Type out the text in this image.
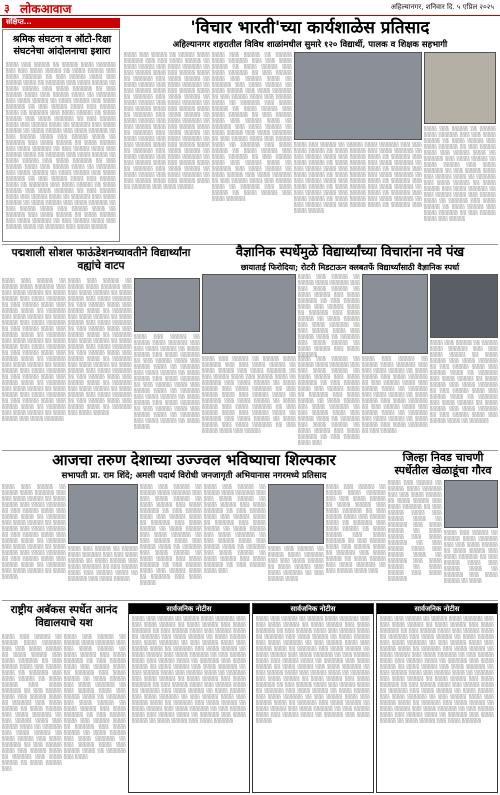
३ लोकआवाज	अहिल्यानगर, शनिवार दि. ५ एप्रिल २०२५
संक्षिप्त...
श्रमिक संघटना व ऑटो-रिक्षा संघटनेचा आंदोलनाचा इशारा
░░░░ ░░░ ░░░░░ ░░ ░░░░░ ░░░░ ░░░░░░ ░░░ ░░░ ░░░░ ░░░░░ ░░ ░░░░ ░░░░░ ░░░ ░░░░ ░░░░░░ ░░ ░░░ ░░░░░ ░░░░ ░░░ ░░░░░ ░░░░ ░░ ░░░░░░ ░░░ ░░░░ ░░░░░ ░░ ░░░░ ░░░░░ ░░░ ░░░░ ░░░░░░ ░░ ░░░ ░░░░░ ░░░░ ░░░ ░░░░░ ░░░░ ░░ ░░░░░░ ░░░ ░░░░ ░░░░░ ░░ ░░░░ ░░░░░ ░░░ ░░░░ ░░░░░░ ░░ ░░░ ░░░░░ ░░░░ ░░░ ░░░░░ ░░░░ ░░ ░░░░░░ ░░░ ░░░░ ░░░░░ ░░ ░░░░ ░░░░░ ░░░ ░░░░ ░░░░░░ ░░ ░░░ ░░░░░ ░░░░ ░░░ ░░░░░ ░░░░ ░░ ░░░░░░ ░░░ ░░░░ ░░░░░ ░░ ░░░░ ░░░░░ ░░░ ░░░░ ░░░░░░ ░░ ░░░ ░░░░░ ░░░░ ░░░ ░░░░░ ░░░░ ░░ ░░░░░░ ░░░ ░░░░ ░░░░░ ░░ ░░░░ ░░░░░ ░░░ ░░░░ ░░░░░░ ░░ ░░░ ░░░░░ ░░░░ ░░░ ░░░░░ ░░░░ ░░ ░░░░░░ ░░░ ░░░░ ░░░░░ ░░ ░░░░ ░░░░░ ░░░ ░░░░ ░░░░░░ ░░ ░░░ ░░░░░ ░░░░ ░░░ ░░░░░ ░░░░ ░░ ░░░░░░ ░░░ ░░░░ ░░░░░ ░░ ░░░░ ░░░░░ ░░░ ░░░░ ░░░░░░ ░░ ░░░ ░░░░░ ░░░░ ░░░ ░░░░░ ░░░░ ░░ ░░░░░░ ░░░ ░░░░ ░░░░░ ░░ ░░░░ ░░░░░ ░░░ ░░░░ ░░░░░░ ░░ ░░░ ░░░░░ ░░░░ ░░░ ░░░░░ ░░░░ ░░ ░░░░░░ ░░░ ░░░░ ░░░░░ ░░ ░░░░ ░░░░░ ░░░ ░░░░ ░░░░░░ ░░ ░░░ ░░░░░ ░░░░ ░░░ ░░░░░ ░░░░ ░░ ░░░░░░ ░░░ ░░░░ ░░░░░ ░░ ░░░░ ░░░░░ ░░░ ░░░░ ░░░░░░ ░░ ░░░ ░░░░░ ░░░░ ░░░ ░░░░░ ░░░░ ░░ ░░░░░░ ░░░ ░░░░ ░░░░░
'विचार भारती'च्या कार्यशाळेस प्रतिसाद
अहिल्यानगर शहरातील विविध शाळांमधील सुमारे १२० विद्यार्थी, पालक व शिक्षक सहभागी
░░░░ ░░░ ░░░░░ ░░ ░░░░░ ░░░░ ░░░░░░ ░░░ ░░░ ░░░░ ░░░░░ ░░ ░░░░ ░░░░░ ░░░ ░░░░ ░░░░░░ ░░ ░░░ ░░░░░ ░░░░ ░░░ ░░░░░ ░░░░ ░░ ░░░░░░ ░░░ ░░░░ ░░░░░ ░░ ░░░░ ░░░░░ ░░░ ░░░░ ░░░░░░ ░░ ░░░ ░░░░░ ░░░░ ░░░ ░░░░░ ░░░░ ░░ ░░░░░░ ░░░ ░░░░ ░░░░░ ░░ ░░░░ ░░░░░ ░░░ ░░░░ ░░░░░░ ░░ ░░░ ░░░░░ ░░░░ ░░░ ░░░░░ ░░░░ ░░ ░░░░░░ ░░░ ░░░░ ░░░░░ ░░ ░░░░ ░░░░░ ░░░ ░░░░ ░░░░░░ ░░ ░░░ ░░░░░ ░░░░ ░░░ ░░░░░ ░░░░ ░░ ░░░░░░ ░░░ ░░░░ ░░░░░ ░░ ░░░░ ░░░░░ ░░░ ░░░░ ░░░░░░ ░░ ░░░ ░░░░░ ░░░░ ░░░ ░░░░░ ░░░░ ░░ ░░░░░░ ░░░ ░░░░ ░░░░░ ░░ ░░░░ ░░░░░ ░░░ ░░░░ ░░░░░░ ░░ ░░░ ░░░░░ ░░░░ ░░░ ░░░░░ ░░░░ ░░ ░░░░░░ ░░░ ░░░░ ░░░░░ ░░ ░░░░ ░░░░░ ░░░ ░░░░ ░░░░░░ ░░ ░░░ ░░░░░ ░░░░ ░░░ ░░░░░ ░░░░ ░░ ░░░░░░ ░░░ ░░░░ ░░░░░
░░░░ ░░░ ░░░░░ ░░ ░░░░░ ░░░░ ░░░░░░ ░░░ ░░░ ░░░░ ░░░░░ ░░ ░░░░ ░░░░░ ░░░ ░░░░ ░░░░░░ ░░ ░░░ ░░░░░ ░░░░ ░░░ ░░░░░ ░░░░ ░░ ░░░░░░ ░░░ ░░░░ ░░░░░ ░░ ░░░░ ░░░░░ ░░░ ░░░░ ░░░░░░ ░░ ░░░ ░░░░░ ░░░░ ░░░ ░░░░░ ░░░░ ░░ ░░░░░░ ░░░ ░░░░ ░░░░░ ░░ ░░░░ ░░░░░ ░░░ ░░░░ ░░░░░░ ░░ ░░░ ░░░░░ ░░░░ ░░░ ░░░░░ ░░░░ ░░ ░░░░░░ ░░░ ░░░░ ░░░░░ ░░ ░░░░ ░░░░░ ░░░ ░░░░ ░░░░░░ ░░ ░░░ ░░░░░ ░░░░ ░░░ ░░░░░ ░░░░ ░░ ░░░░░░ ░░░ ░░░░ ░░░░░ ░░ ░░░░ ░░░░░ ░░░ ░░░░ ░░░░░░ ░░ ░░░ ░░░░░ ░░░░ ░░░ ░░░░░ ░░░░ ░░ ░░░░░░ ░░░ ░░░░ ░░░░░ ░░ ░░░░ ░░░░░ ░░░ ░░░░ ░░░░░░ ░░ ░░░ ░░░░░ ░░░░ ░░░ ░░░░░ ░░░░ ░░ ░░░░░░ ░░░ ░░░░ ░░░░░ ░░ ░░░░ ░░░░░ ░░░ ░░░░ ░░░░░░
░░░░ ░░░ ░░░░░ ░░ ░░░░░ ░░░░ ░░░░░░ ░░░ ░░░ ░░░░ ░░░░░ ░░ ░░░░ ░░░░░ ░░░ ░░░░ ░░░░░░ ░░ ░░░ ░░░░░ ░░░░ ░░░ ░░░░░ ░░░░ ░░ ░░░░░░ ░░░ ░░░░ ░░░░░ ░░ ░░░░ ░░░░░ ░░░ ░░░░ ░░░░░░ ░░ ░░░ ░░░░░ ░░░░ ░░░ ░░░░░ ░░░░ ░░ ░░░░░░ ░░░ ░░░░ ░░░░░ ░░ ░░░░ ░░░░░ ░░░ ░░░░ ░░░░░░ ░░ ░░░ ░░░░░ ░░░░ ░░░ ░░░░░ ░░░░ ░░ ░░░░░░ ░░░ ░░░░ ░░░░░ ░░ ░░░░ ░░░░░ ░░░ ░░░░ ░░░░░░ ░░ ░░░ ░░░░░ ░░░░ ░░░ ░░░░░ ░░░░ ░░ ░░░░░░ ░░░ ░░░░ ░░░░░ ░░ ░░░░ ░░░░░ ░░░ ░░░░ ░░░░░░ ░░ ░░░ ░░░░░ ░░░░ ░░░ ░░░░░ ░░░░ ░░ ░░░░░░ ░░░ ░░░░ ░░░░░
░░░░ ░░░ ░░░░░ ░░ ░░░░░ ░░░░ ░░░░░░ ░░░ ░░░ ░░░░ ░░░░░ ░░ ░░░░ ░░░░░ ░░░ ░░░░ ░░░░░░ ░░ ░░░ ░░░░░ ░░░░ ░░░ ░░░░░ ░░░░ ░░ ░░░░░░ ░░░ ░░░░ ░░░░░ ░░ ░░░░ ░░░░░ ░░░ ░░░░ ░░░░░░ ░░ ░░░ ░░░░░ ░░░░ ░░░ ░░░░░ ░░░░ ░░ ░░░░░░ ░░░ ░░░░ ░░░░░ ░░ ░░░░ ░░░░░ ░░░ ░░░░ ░░░░░░ ░░ ░░░ ░░░░░ ░░░░ ░░░ ░░░░░ ░░░░ ░░ ░░░░░░ ░░░ ░░░░ ░░░░░ ░░ ░░░░ ░░░░░ ░░░ ░░░░ ░░░░░░ ░░ ░░░ ░░░░░ ░░░░ ░░░ ░░░░░
पद्मशाली सोशल फाऊंडेशनच्यावतीने विद्यार्थ्यांना वह्यांचे वाटप
░░░░ ░░░ ░░░░░ ░░ ░░░░░ ░░░░ ░░░░░░ ░░░ ░░░ ░░░░ ░░░░░ ░░ ░░░░ ░░░░░ ░░░ ░░░░ ░░░░░░ ░░ ░░░ ░░░░░ ░░░░ ░░░ ░░░░░ ░░░░ ░░ ░░░░░░ ░░░ ░░░░ ░░░░░ ░░ ░░░░ ░░░░░ ░░░ ░░░░ ░░░░░░ ░░ ░░░ ░░░░░ ░░░░ ░░░ ░░░░░ ░░░░ ░░ ░░░░░░ ░░░ ░░░░ ░░░░░ ░░ ░░░░ ░░░░░ ░░░ ░░░░ ░░░░░░ ░░ ░░░ ░░░░░ ░░░░ ░░░ ░░░░░ ░░░░ ░░ ░░░░░░ ░░░ ░░░░ ░░░░░ ░░ ░░░░ ░░░░░ ░░░ ░░░░ ░░░░░░ ░░ ░░░ ░░░░░ ░░░░ ░░░ ░░░░░ ░░░░ ░░ ░░░░░░ ░░░ ░░░░ ░░░░░ ░░ ░░░░ ░░░░░ ░░░ ░░░░ ░░░░░░ ░░ ░░░ ░░░░░ ░░░░ ░░░ ░░░░░ ░░░░ ░░ ░░░░░░ ░░░ ░░░░ ░░░░░ ░░ ░░░░ ░░░░░ ░░░ ░░░░ ░░░░░░
░░░░ ░░░ ░░░░░ ░░ ░░░░░ ░░░░ ░░░░░░ ░░░ ░░░ ░░░░ ░░░░░ ░░ ░░░░ ░░░░░ ░░░ ░░░░ ░░░░░░ ░░ ░░░ ░░░░░ ░░░░ ░░░ ░░░░░ ░░░░ ░░ ░░░░░░ ░░░ ░░░░ ░░░░░ ░░ ░░░░ ░░░░░ ░░░ ░░░░ ░░░░░░ ░░ ░░░ ░░░░░ ░░░░ ░░░ ░░░░░ ░░░░ ░░ ░░░░░░ ░░░ ░░░░ ░░░░░ ░░ ░░░░ ░░░░░ ░░░ ░░░░ ░░░░░░ ░░ ░░░ ░░░░░ ░░░░ ░░░ ░░░░░ ░░░░ ░░ ░░░░░░ ░░░ ░░░░ ░░░░░ ░░ ░░░░ ░░░░░ ░░░ ░░░░ ░░░░░░ ░░ ░░░ ░░░░░ ░░░░ ░░░ ░░░░░ ░░░░ ░░ ░░░░░░ ░░░ ░░░░ ░░░░░ ░░ ░░░░ ░░░░░ ░░░ ░░░░ ░░░░░░ ░░ ░░░ ░░░░░ ░░░░ ░░░ ░░░░░ ░░░░ ░░ ░░░░░░ ░░░ ░░░░ ░░░░░
░░░░ ░░░ ░░░░░ ░░ ░░░░░ ░░░░ ░░░░░░ ░░░ ░░░ ░░░░ ░░░░░ ░░ ░░░░ ░░░░░ ░░░ ░░░░ ░░░░░░ ░░ ░░░ ░░░░░ ░░░░ ░░░ ░░░░░ ░░░░ ░░ ░░░░░░ ░░░ ░░░░ ░░░░░ ░░ ░░░░ ░░░░░ ░░░ ░░░░ ░░░░░░ ░░ ░░░ ░░░░░ ░░░░ ░░░ ░░░░░ ░░░░ ░░ ░░░░░░ ░░░ ░░░░ ░░░░░ ░░ ░░░░ ░░░░░ ░░░ ░░░░ ░░░░░░ ░░ ░░░ ░░░░░ ░░░░ ░░░ ░░░░░ ░░░░ ░░ ░░░░░░ ░░░ ░░░░ ░░░░░ ░░ ░░░░ ░░░░░
वैज्ञानिक स्पर्धेमुळे विद्यार्थ्यांच्या विचारांना नवे पंख
छायाताई फिरोदिया; रोटरी मिडटाऊन क्लबतर्फे विद्यार्थ्यांसाठी वैज्ञानिक स्पर्धा
░░░░ ░░░ ░░░░░ ░░ ░░░░░ ░░░░ ░░░░░░ ░░░ ░░░ ░░░░ ░░░░░ ░░ ░░░░ ░░░░░ ░░░ ░░░░ ░░░░░░ ░░ ░░░ ░░░░░ ░░░░ ░░░ ░░░░░ ░░░░ ░░ ░░░░░░ ░░░ ░░░░ ░░░░░ ░░ ░░░░ ░░░░░ ░░░ ░░░░ ░░░░░░ ░░ ░░░ ░░░░░ ░░░░ ░░░ ░░░░░ ░░░░ ░░ ░░░░░░ ░░░ ░░░░ ░░░░░ ░░ ░░░░ ░░░░░ ░░░ ░░░░ ░░░░░░
░░░░ ░░░ ░░░░░ ░░ ░░░░░ ░░░░ ░░░░░░ ░░░ ░░░ ░░░░ ░░░░░ ░░ ░░░░ ░░░░░ ░░░ ░░░░ ░░░░░░ ░░ ░░░ ░░░░░ ░░░░ ░░░ ░░░░░ ░░░░ ░░ ░░░░░░ ░░░ ░░░░ ░░░░░ ░░ ░░░░ ░░░░░ ░░░ ░░░░ ░░░░░░ ░░ ░░░ ░░░░░ ░░░░ ░░░ ░░░░░ ░░░░ ░░ ░░░░░░ ░░░ ░░░░ ░░░░░ ░░ ░░░░ ░░░░░ ░░░ ░░░░ ░░░░░░ ░░ ░░░ ░░░░░ ░░░░ ░░░ ░░░░░ ░░░░ ░░ ░░░░░░ ░░░ ░░░░ ░░░░░ ░░ ░░░░ ░░░░░ ░░░ ░░░░ ░░░░░░ ░░ ░░░ ░░░░░ ░░░░ ░░░ ░░░░░
░░░░ ░░░ ░░░░░ ░░ ░░░░░ ░░░░ ░░░░░░ ░░░ ░░░ ░░░░ ░░░░░ ░░ ░░░░ ░░░░░ ░░░ ░░░░ ░░░░░░ ░░ ░░░ ░░░░░ ░░░░ ░░░ ░░░░░ ░░░░ ░░ ░░░░░░ ░░░ ░░░░ ░░░░░ ░░ ░░░░ ░░░░░ ░░░ ░░░░ ░░░░░░ ░░ ░░░ ░░░░░ ░░░░ ░░░ ░░░░░ ░░░░ ░░ ░░░░░░ ░░░ ░░░░ ░░░░░ ░░ ░░░░ ░░░░░ ░░░ ░░░░ ░░░░░░ ░░ ░░░ ░░░░░ ░░░░ ░░░
░░░░ ░░░ ░░░░░ ░░ ░░░░░ ░░░░ ░░░░░░ ░░░ ░░░ ░░░░ ░░░░░ ░░ ░░░░ ░░░░░ ░░░ ░░░░ ░░░░░░ ░░ ░░░ ░░░░░ ░░░░ ░░░ ░░░░░ ░░░░ ░░ ░░░░░░ ░░░ ░░░░ ░░░░░ ░░ ░░░░ ░░░░░ ░░░ ░░░░ ░░░░░░ ░░ ░░░ ░░░░░ ░░░░ ░░░ ░░░░░ ░░░░ ░░ ░░░░░░ ░░░ ░░░░ ░░░░░ ░░ ░░░░ ░░░░░ ░░░ ░░░░ ░░░░░░ ░░ ░░░ ░░░░░
░░░░ ░░░ ░░░░░ ░░ ░░░░░ ░░░░ ░░░░░░ ░░░ ░░░ ░░░░ ░░░░░ ░░ ░░░░ ░░░░░ ░░░ ░░░░ ░░░░░░ ░░ ░░░ ░░░░░ ░░░░ ░░░ ░░░░░ ░░░░ ░░ ░░░░░░ ░░░ ░░░░ ░░░░░ ░░ ░░░░ ░░░░░ ░░░ ░░░░ ░░░░░░ ░░ ░░░ ░░░░░ ░░░░ ░░░ ░░░░░ ░░░░ ░░ ░░░░░░ ░░░ ░░░░ ░░░░░ ░░ ░░░░ ░░░░░ ░░░ ░░░░ ░░░░░░ ░░ ░░░ ░░░░░ ░░░░ ░░░ ░░░░░ ░░░░ ░░ ░░░░░░
आजचा तरुण देशाच्या उज्ज्वल भविष्याचा शिल्पकार
सभापती प्रा. राम शिंदे; अमली पदार्थ विरोधी जनजागृती अभियानास नगरमध्ये प्रतिसाद
░░░░ ░░░ ░░░░░ ░░ ░░░░░ ░░░░ ░░░░░░ ░░░ ░░░ ░░░░ ░░░░░ ░░ ░░░░ ░░░░░ ░░░ ░░░░ ░░░░░░ ░░ ░░░ ░░░░░ ░░░░ ░░░ ░░░░░ ░░░░ ░░ ░░░░░░ ░░░ ░░░░ ░░░░░ ░░ ░░░░ ░░░░░ ░░░ ░░░░ ░░░░░░ ░░ ░░░ ░░░░░ ░░░░ ░░░ ░░░░░ ░░░░ ░░ ░░░░░░ ░░░ ░░░░ ░░░░░ ░░ ░░░░ ░░░░░ ░░░ ░░░░ ░░░░░░ ░░ ░░░ ░░░░░ ░░░░ ░░░ ░░░░░ ░░░░ ░░ ░░░░░░ ░░░ ░░░░ ░░░░░ ░░ ░░░░ ░░░░░
░░░░ ░░░ ░░░░░ ░░ ░░░░░ ░░░░ ░░░░░░ ░░░ ░░░ ░░░░ ░░░░░ ░░ ░░░░ ░░░░░ ░░░ ░░░░ ░░░░░░ ░░ ░░░ ░░░░░ ░░░░ ░░░ ░░░░░ ░░░░ ░░ ░░░░░░ ░░░ ░░░░ ░░░░░
░░░░ ░░░ ░░░░░ ░░ ░░░░░ ░░░░ ░░░░░░ ░░░ ░░░ ░░░░ ░░░░░ ░░ ░░░░ ░░░░░ ░░░ ░░░░ ░░░░░░ ░░ ░░░ ░░░░░ ░░░░ ░░░ ░░░░░ ░░░░ ░░ ░░░░░░ ░░░ ░░░░ ░░░░░ ░░ ░░░░ ░░░░░ ░░░ ░░░░ ░░░░░░ ░░ ░░░ ░░░░░ ░░░░ ░░░ ░░░░░ ░░░░ ░░ ░░░░░░ ░░░ ░░░░ ░░░░░ ░░ ░░░░ ░░░░░ ░░░ ░░░░ ░░░░░░ ░░ ░░░ ░░░░░ ░░░░ ░░░ ░░░░░ ░░░░ ░░ ░░░░░░ ░░░ ░░░░ ░░░░░
░░░░ ░░░ ░░░░░ ░░ ░░░░░ ░░░░ ░░░░░░ ░░░ ░░░ ░░░░ ░░░░░ ░░ ░░░░ ░░░░░ ░░░ ░░░░ ░░░░░░ ░░ ░░░ ░░░░░ ░░░░ ░░░ ░░░░░ ░░░░ ░░ ░░░░░░ ░░░ ░░░░ ░░░░░ ░░ ░░░░ ░░░░░ ░░░ ░░░░ ░░░░░░ ░░ ░░░ ░░░░░ ░░░░ ░░░ ░░░░░ ░░░░ ░░ ░░░░░░ ░░░ ░░░░ ░░░░░ ░░ ░░░░ ░░░░░ ░░░ ░░░░ ░░░░░░ ░░ ░░░ ░░░░░ ░░░░ ░░░
░░░░ ░░░ ░░░░░ ░░ ░░░░░ ░░░░ ░░░░░░ ░░░ ░░░ ░░░░ ░░░░░ ░░ ░░░░ ░░░░░ ░░░ ░░░░ ░░░░░░ ░░ ░░░ ░░░░░ ░░░░ ░░░ ░░░░░ ░░░░ ░░ ░░░░░░ ░░░ ░░░░ ░░░░░ ░░ ░░░░ ░░░░░ ░░░ ░░░░ ░░░░░░ ░░ ░░░ ░░░░░ ░░░░ ░░░ ░░░░░ ░░░░ ░░ ░░░░░░ ░░░ ░░░░ ░░░░░ ░░ ░░░░ ░░░░░ ░░░ ░░░░ ░░░░░░ ░░ ░░░ ░░░░░ ░░░░ ░░░
░░░░ ░░░ ░░░░░ ░░ ░░░░░ ░░░░ ░░░░░░ ░░░ ░░░ ░░░░ ░░░░░ ░░ ░░░░ ░░░░░ ░░░ ░░░░ ░░░░░░ ░░ ░░░ ░░░░░ ░░░░
जिल्हा निवड चाचणी स्पर्धेतील खेळाडूंचा गौरव
░░░░ ░░░ ░░░░░ ░░ ░░░░░ ░░░░ ░░░░░░ ░░░ ░░░ ░░░░ ░░░░░ ░░ ░░░░ ░░░░░ ░░░ ░░░░ ░░░░░░ ░░ ░░░ ░░░░░ ░░░░ ░░░ ░░░░░ ░░░░ ░░ ░░░░░░ ░░░ ░░░░ ░░░░░ ░░ ░░░░ ░░░░░ ░░░ ░░░░ ░░░░░░ ░░ ░░░ ░░░░░ ░░░░ ░░░ ░░░░░ ░░░░ ░░ ░░░░░░ ░░░ ░░░░ ░░░░░ ░░ ░░░░ ░░░░░ ░░░ ░░░░ ░░░░░░
░░░░ ░░░ ░░░░░ ░░ ░░░░░ ░░░░ ░░░░░░ ░░░ ░░░ ░░░░ ░░░░░ ░░ ░░░░ ░░░░░ ░░░ ░░░░ ░░░░░░ ░░ ░░░ ░░░░░ ░░░░ ░░░ ░░░░░ ░░░░ ░░ ░░░░░░ ░░░ ░░░░ ░░░░░ ░░ ░░░░
राष्ट्रीय अबॅकस स्पर्धेत आनंद विद्यालयाचे यश
░░░░ ░░░ ░░░░░ ░░ ░░░░░ ░░░░ ░░░░░░ ░░░ ░░░ ░░░░ ░░░░░ ░░ ░░░░ ░░░░░ ░░░ ░░░░ ░░░░░░ ░░ ░░░ ░░░░░ ░░░░ ░░░ ░░░░░ ░░░░ ░░ ░░░░░░ ░░░ ░░░░ ░░░░░ ░░ ░░░░ ░░░░░ ░░░ ░░░░ ░░░░░░ ░░ ░░░ ░░░░░ ░░░░ ░░░ ░░░░░ ░░░░ ░░ ░░░░░░ ░░░ ░░░░ ░░░░░ ░░ ░░░░ ░░░░░ ░░░ ░░░░ ░░░░░░ ░░ ░░░ ░░░░░ ░░░░ ░░░ ░░░░░ ░░░░ ░░ ░░░░░░ ░░░ ░░░░ ░░░░░ ░░ ░░░░ ░░░░░ ░░░ ░░░░ ░░░░░░ ░░ ░░░ ░░░░░ ░░░░ ░░░ ░░░░░ ░░░░ ░░ ░░░░░░ ░░░ ░░░░ ░░░░░ ░░ ░░░░ ░░░░░ ░░░
░░░░ ░░░ ░░░░░ ░░ ░░░░░ ░░░░ ░░░░░░ ░░░ ░░░ ░░░░ ░░░░░ ░░ ░░░░ ░░░░░ ░░░ ░░░░ ░░░░░░ ░░ ░░░ ░░░░░ ░░░░ ░░░ ░░░░░ ░░░░ ░░ ░░░░░░ ░░░ ░░░░ ░░░░░ ░░ ░░░░ ░░░░░ ░░░ ░░░░ ░░░░░░ ░░ ░░░ ░░░░░ ░░░░ ░░░ ░░░░░ ░░░░ ░░ ░░░░░░ ░░░ ░░░░ ░░░░░ ░░ ░░░░ ░░░░░ ░░░ ░░░░ ░░░░░░ ░░ ░░░ ░░░░░ ░░░░ ░░░ ░░░░░ ░░░░ ░░ ░░░░░░ ░░░ ░░░░ ░░░░░ ░░ ░░░░ ░░░░░ ░░░ ░░░░ ░░░░░░ ░░ ░░░ ░░░░░ ░░░░ ░░░ ░░░░░ ░░░░ ░░ ░░░░░░ ░░░ ░░░░
सार्वजनिक नोटीस
░░░░ ░░░ ░░░░░ ░░ ░░░░░ ░░░░ ░░░░░░ ░░░ ░░░ ░░░░ ░░░░░ ░░ ░░░░ ░░░░░ ░░░ ░░░░ ░░░░░░ ░░ ░░░ ░░░░░ ░░░░ ░░░ ░░░░░ ░░░░ ░░ ░░░░░░ ░░░ ░░░░ ░░░░░ ░░ ░░░░ ░░░░░ ░░░ ░░░░ ░░░░░░ ░░ ░░░ ░░░░░ ░░░░ ░░░ ░░░░░ ░░░░ ░░ ░░░░░░ ░░░ ░░░░ ░░░░░ ░░ ░░░░ ░░░░░ ░░░ ░░░░ ░░░░░░ ░░ ░░░ ░░░░░ ░░░░ ░░░ ░░░░░ ░░░░ ░░ ░░░░░░ ░░░ ░░░░ ░░░░░ ░░ ░░░░ ░░░░░ ░░░ ░░░░ ░░░░░░ ░░ ░░░ ░░░░░ ░░░░ ░░░ ░░░░░ ░░░░ ░░ ░░░░░░ ░░░ ░░░░ ░░░░░ ░░ ░░░░ ░░░░░ ░░░ ░░░░ ░░░░░░ ░░ ░░░ ░░░░░ ░░░░ ░░░ ░░░░░ ░░░░ ░░ ░░░░░░ ░░░ ░░░░ ░░░░░ ░░ ░░░░ ░░░░░ ░░░ ░░░░ ░░░░░░ ░░ ░░░ ░░░░░ ░░░░ ░░░ ░░░░░ ░░░░ ░░ ░░░░░░ ░░░ ░░░░ ░░░░░ ░░ ░░░░ ░░░░░ ░░░ ░░░░ ░░░░░░ ░░ ░░░ ░░░░░ ░░░░ ░░░ ░░░░░ ░░░░ ░░ ░░░░░░ ░░░ ░░░░ ░░░░░ ░░ ░░░░ ░░░░░ ░░░ ░░░░ ░░░░░░
सार्वजनिक नोटीस
░░░░ ░░░ ░░░░░ ░░ ░░░░░ ░░░░ ░░░░░░ ░░░ ░░░ ░░░░ ░░░░░ ░░ ░░░░ ░░░░░ ░░░ ░░░░ ░░░░░░ ░░ ░░░ ░░░░░ ░░░░ ░░░ ░░░░░ ░░░░ ░░ ░░░░░░ ░░░ ░░░░ ░░░░░ ░░ ░░░░ ░░░░░ ░░░ ░░░░ ░░░░░░ ░░ ░░░ ░░░░░ ░░░░ ░░░ ░░░░░ ░░░░ ░░ ░░░░░░ ░░░ ░░░░ ░░░░░ ░░ ░░░░ ░░░░░ ░░░ ░░░░ ░░░░░░ ░░ ░░░ ░░░░░ ░░░░ ░░░ ░░░░░ ░░░░ ░░ ░░░░░░ ░░░ ░░░░ ░░░░░ ░░ ░░░░ ░░░░░ ░░░ ░░░░ ░░░░░░ ░░ ░░░ ░░░░░ ░░░░ ░░░ ░░░░░ ░░░░ ░░ ░░░░░░ ░░░ ░░░░ ░░░░░ ░░ ░░░░ ░░░░░ ░░░ ░░░░ ░░░░░░ ░░ ░░░ ░░░░░ ░░░░ ░░░ ░░░░░ ░░░░ ░░ ░░░░░░ ░░░ ░░░░ ░░░░░ ░░ ░░░░ ░░░░░ ░░░ ░░░░ ░░░░░░ ░░ ░░░ ░░░░░ ░░░░ ░░░ ░░░░░ ░░░░ ░░ ░░░░░░ ░░░ ░░░░ ░░░░░ ░░ ░░░░ ░░░░░ ░░░ ░░░░ ░░░░░░ ░░ ░░░ ░░░░░ ░░░░ ░░░ ░░░░░ ░░░░ ░░ ░░░░░░ ░░░ ░░░░ ░░░░░
सार्वजनिक नोटीस
░░░░ ░░░ ░░░░░ ░░ ░░░░░ ░░░░ ░░░░░░ ░░░ ░░░ ░░░░ ░░░░░ ░░ ░░░░ ░░░░░ ░░░ ░░░░ ░░░░░░ ░░ ░░░ ░░░░░ ░░░░ ░░░ ░░░░░ ░░░░ ░░ ░░░░░░ ░░░ ░░░░ ░░░░░ ░░ ░░░░ ░░░░░ ░░░ ░░░░ ░░░░░░ ░░ ░░░ ░░░░░ ░░░░ ░░░ ░░░░░ ░░░░ ░░ ░░░░░░ ░░░ ░░░░ ░░░░░ ░░ ░░░░ ░░░░░ ░░░ ░░░░ ░░░░░░ ░░ ░░░ ░░░░░ ░░░░ ░░░ ░░░░░ ░░░░ ░░ ░░░░░░ ░░░ ░░░░ ░░░░░ ░░ ░░░░ ░░░░░ ░░░ ░░░░ ░░░░░░ ░░ ░░░ ░░░░░ ░░░░ ░░░ ░░░░░ ░░░░ ░░ ░░░░░░ ░░░ ░░░░ ░░░░░ ░░ ░░░░ ░░░░░ ░░░ ░░░░ ░░░░░░ ░░ ░░░ ░░░░░ ░░░░ ░░░ ░░░░░ ░░░░ ░░ ░░░░░░ ░░░ ░░░░ ░░░░░ ░░ ░░░░ ░░░░░ ░░░ ░░░░ ░░░░░░ ░░ ░░░ ░░░░░ ░░░░ ░░░ ░░░░░ ░░░░ ░░ ░░░░░░ ░░░ ░░░░ ░░░░░ ░░ ░░░░ ░░░░░ ░░░ ░░░░ ░░░░░░ ░░ ░░░ ░░░░░ ░░░░ ░░░ ░░░░░ ░░░░ ░░ ░░░░░░ ░░░ ░░░░ ░░░░░ ░░ ░░░░ ░░░░░ ░░░ ░░░░ ░░░░░░
